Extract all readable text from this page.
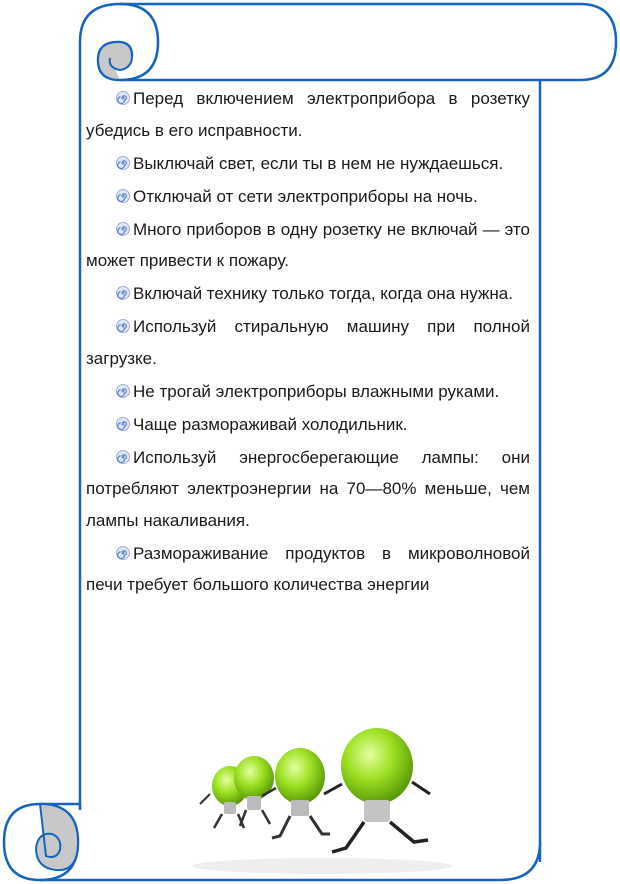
Перед включением электроприбора в розетку убедись в его исправности.

Выключай свет, если ты в нем не нуждаешься.

Отключай от сети электроприборы на ночь.

Много приборов в одну розетку не включай — это может привести к пожару.

Включай технику только тогда, когда она нужна.

Используй стиральную машину при полной загрузке.

Не трогай электроприборы влажными руками.

Чаще размораживай холодильник.

Используй энергосберегающие лампы: они потребляют электроэнергии на 70—80% меньше, чем лампы накаливания.

Размораживание продуктов в микроволновой печи требует большого количества энергии
